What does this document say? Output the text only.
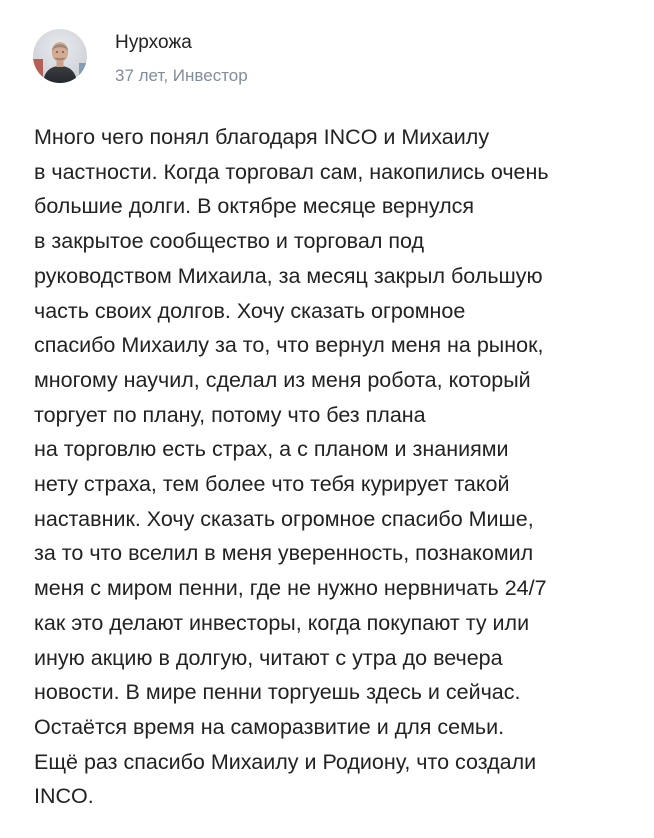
Нурхожа
37 лет, Инвестор

Много чего понял благодаря INCO и Михаилу
в частности. Когда торговал сам, накопились очень
большие долги. В октябре месяце вернулся
в закрытое сообщество и торговал под
руководством Михаила, за месяц закрыл большую
часть своих долгов. Хочу сказать огромное
спасибо Михаилу за то, что вернул меня на рынок,
многому научил, сделал из меня робота, который
торгует по плану, потому что без плана
на торговлю есть страх, а с планом и знаниями
нету страха, тем более что тебя курирует такой
наставник. Хочу сказать огромное спасибо Мише,
за то что вселил в меня уверенность, познакомил
меня с миром пенни, где не нужно нервничать 24/7
как это делают инвесторы, когда покупают ту или
иную акцию в долгую, читают с утра до вечера
новости. В мире пенни торгуешь здесь и сейчас.
Остаётся время на саморазвитие и для семьи.
Ещё раз спасибо Михаилу и Родиону, что создали
INCO.
